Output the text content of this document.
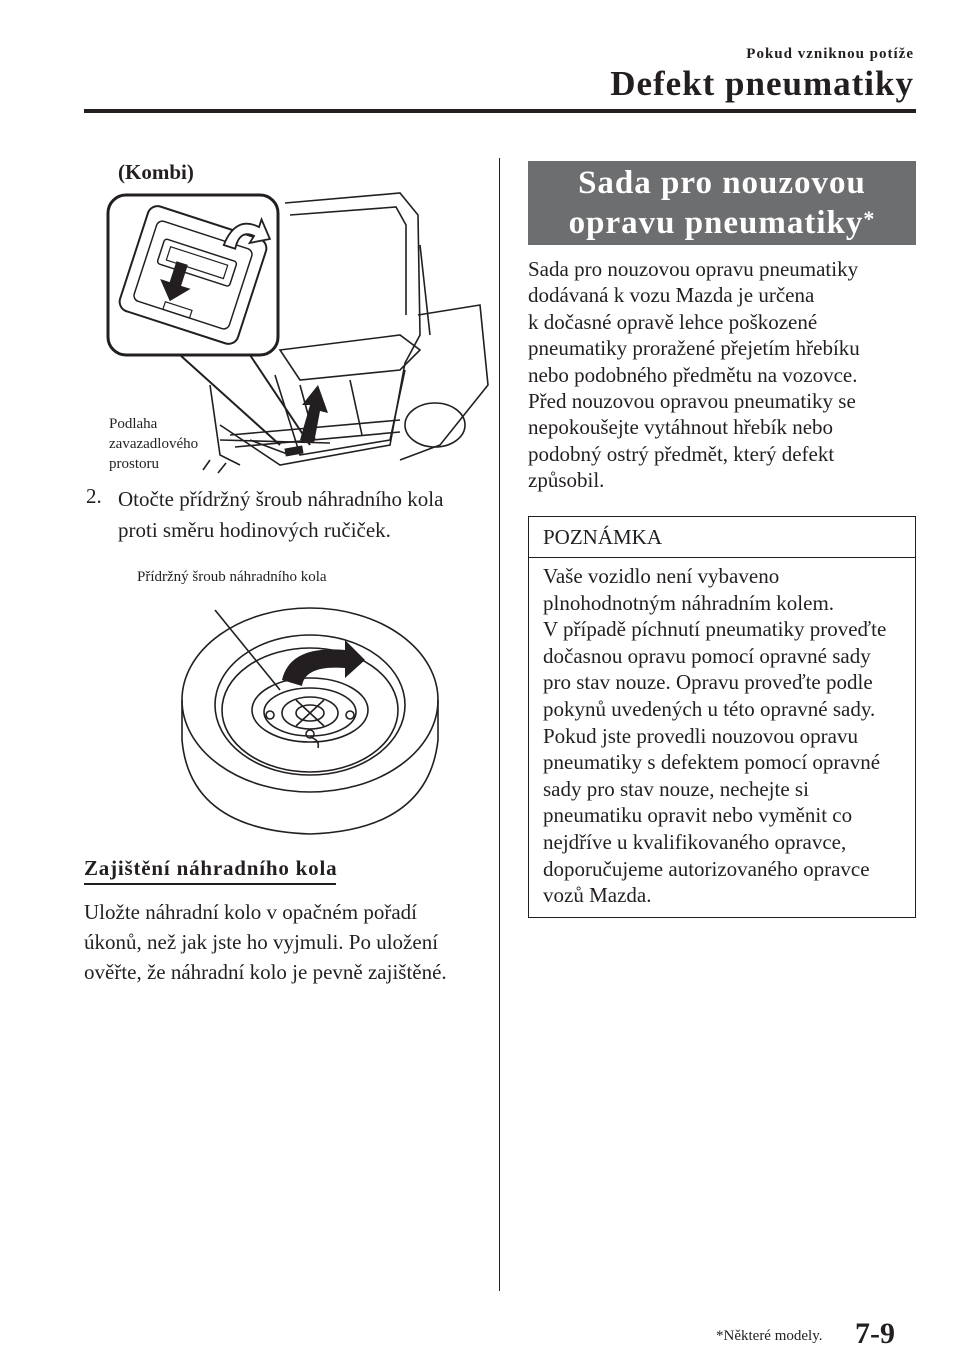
Pokud vzniknou potíže
Defekt pneumatiky
(Kombi)
Podlaha
zavazadlového
prostoru
2. Otočte přídržný šroub náhradního kola
proti směru hodinových ručiček.
Přídržný šroub náhradního kola
Zajištění náhradního kola
Uložte náhradní kolo v opačném pořadí
úkonů, než jak jste ho vyjmuli. Po uložení
ověřte, že náhradní kolo je pevně zajištěné.
Sada pro nouzovou
opravu pneumatiky*
Sada pro nouzovou opravu pneumatiky
dodávaná k vozu Mazda je určena
k dočasné opravě lehce poškozené
pneumatiky proražené přejetím hřebíku
nebo podobného předmětu na vozovce.
Před nouzovou opravou pneumatiky se
nepokoušejte vytáhnout hřebík nebo
podobný ostrý předmět, který defekt
způsobil.
POZNÁMKA
Vaše vozidlo není vybaveno
plnohodnotným náhradním kolem.
V případě píchnutí pneumatiky proveďte
dočasnou opravu pomocí opravné sady
pro stav nouze. Opravu proveďte podle
pokynů uvedených u této opravné sady.
Pokud jste provedli nouzovou opravu
pneumatiky s defektem pomocí opravné
sady pro stav nouze, nechejte si
pneumatiku opravit nebo vyměnit co
nejdříve u kvalifikovaného opravce,
doporučujeme autorizovaného opravce
vozů Mazda.
*Některé modely. 7-9
